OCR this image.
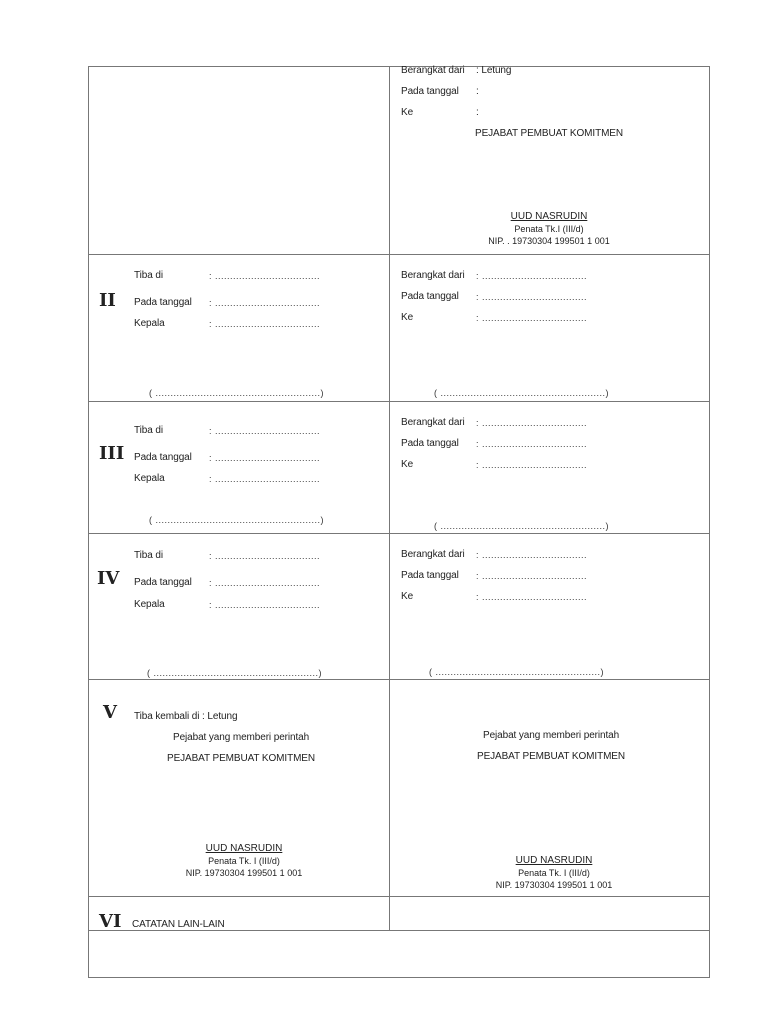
Berangkat dari : Letung
Pada tanggal :
Ke	:
PEJABAT PEMBUAT KOMITMEN
UUD NASRUDIN
Penata Tk.I (III/d)
NIP. . 19730304 199501 1 001
II
Tiba di	: ...................................
Pada tanggal : ...................................
Kepala	: ...................................
( .......................................................)
Berangkat dari : ...................................
Pada tanggal : ...................................
Ke	: ...................................
( .......................................................)
III
Tiba di	: ...................................
Pada tanggal : ...................................
Kepala	: ...................................
( .......................................................)
Berangkat dari : ...................................
Pada tanggal : ...................................
Ke	: ...................................
( .......................................................)
IV
Tiba di	: ...................................
Pada tanggal : ...................................
Kepala	: ...................................
( .......................................................)
Berangkat dari : ...................................
Pada tanggal : ...................................
Ke	: ...................................
( .......................................................)
V Tiba kembali di : Letung
Pejabat yang memberi perintah
PEJABAT PEMBUAT KOMITMEN
UUD NASRUDIN
Penata Tk. I (III/d)
NIP. 19730304 199501 1 001
Pejabat yang memberi perintah
PEJABAT PEMBUAT KOMITMEN
UUD NASRUDIN
Penata Tk. I (III/d)
NIP. 19730304 199501 1 001
VI CATATAN LAIN-LAIN
